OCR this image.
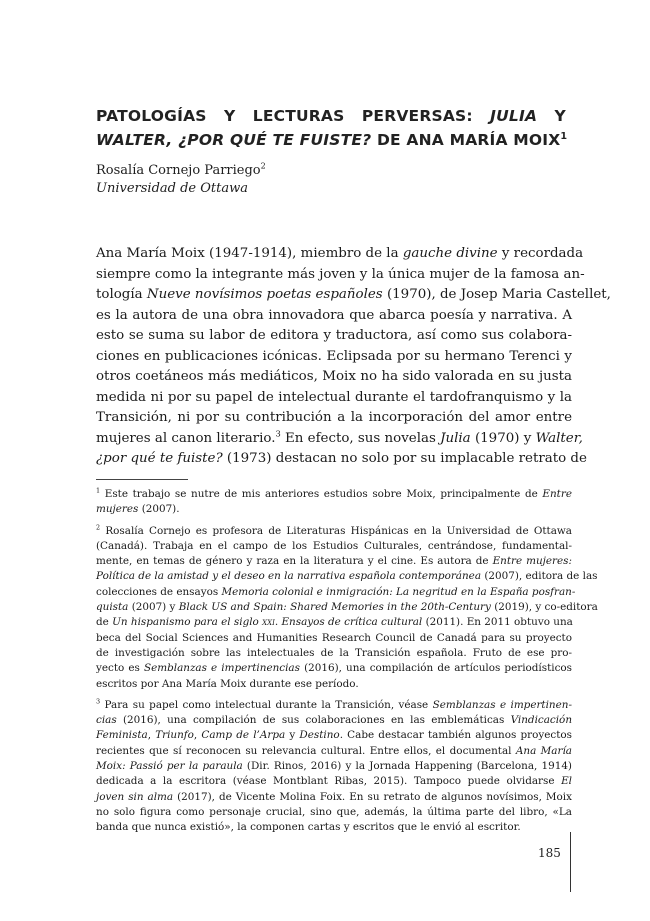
PATOLOGÍAS Y LECTURAS PERVERSAS: JULIA Y
WALTER, ¿POR QUÉ TE FUISTE? DE ANA MARÍA MOIX$^1$
Rosalía Cornejo Parriego$^2$
Universidad de Ottawa
Ana María Moix (1947-1914), miembro de la gauche divine y recordada
siempre como la integrante más joven y la única mujer de la famosa an-
tología Nueve novísimos poetas españoles (1970), de Josep Maria Castellet,
es la autora de una obra innovadora que abarca poesía y narrativa. A
esto se suma su labor de editora y traductora, así como sus colabora-
ciones en publicaciones icónicas. Eclipsada por su hermano Terenci y
otros coetáneos más mediáticos, Moix no ha sido valorada en su justa
medida ni por su papel de intelectual durante el tardofranquismo y la
Transición, ni por su contribución a la incorporación del amor entre
mujeres al canon literario.$^3$ En efecto, sus novelas Julia (1970) y Walter,
¿por qué te fuiste? (1973) destacan no solo por su implacable retrato de
$^1$ Este trabajo se nutre de mis anteriores estudios sobre Moix, principalmente de Entre
mujeres (2007).
$^2$ Rosalía Cornejo es profesora de Literaturas Hispánicas en la Universidad de Ottawa
(Canadá). Trabaja en el campo de los Estudios Culturales, centrándose, fundamental-
mente, en temas de género y raza en la literatura y el cine. Es autora de Entre mujeres:
Política de la amistad y el deseo en la narrativa española contemporánea (2007), editora de las
colecciones de ensayos Memoria colonial e inmigración: La negritud en la España posfran-
quista (2007) y Black US and Spain: Shared Memories in the 20th-Century (2019), y co-editora
de Un hispanismo para el siglo xxi. Ensayos de crítica cultural (2011). En 2011 obtuvo una
beca del Social Sciences and Humanities Research Council de Canadá para su proyecto
de investigación sobre las intelectuales de la Transición española. Fruto de ese pro-
yecto es Semblanzas e impertinencias (2016), una compilación de artículos periodísticos
escritos por Ana María Moix durante ese período.
$^3$ Para su papel como intelectual durante la Transición, véase Semblanzas e impertinen-
cias (2016), una compilación de sus colaboraciones en las emblemáticas Vindicación
Feminista, Triunfo, Camp de l’Arpa y Destino. Cabe destacar también algunos proyectos
recientes que sí reconocen su relevancia cultural. Entre ellos, el documental Ana María
Moix: Passió per la paraula (Dir. Rinos, 2016) y la Jornada Happening (Barcelona, 1914)
dedicada a la escritora (véase Montblant Ribas, 2015). Tampoco puede olvidarse El
joven sin alma (2017), de Vicente Molina Foix. En su retrato de algunos novísimos, Moix
no solo figura como personaje crucial, sino que, además, la última parte del libro, «La
banda que nunca existió», la componen cartas y escritos que le envió al escritor.
185
